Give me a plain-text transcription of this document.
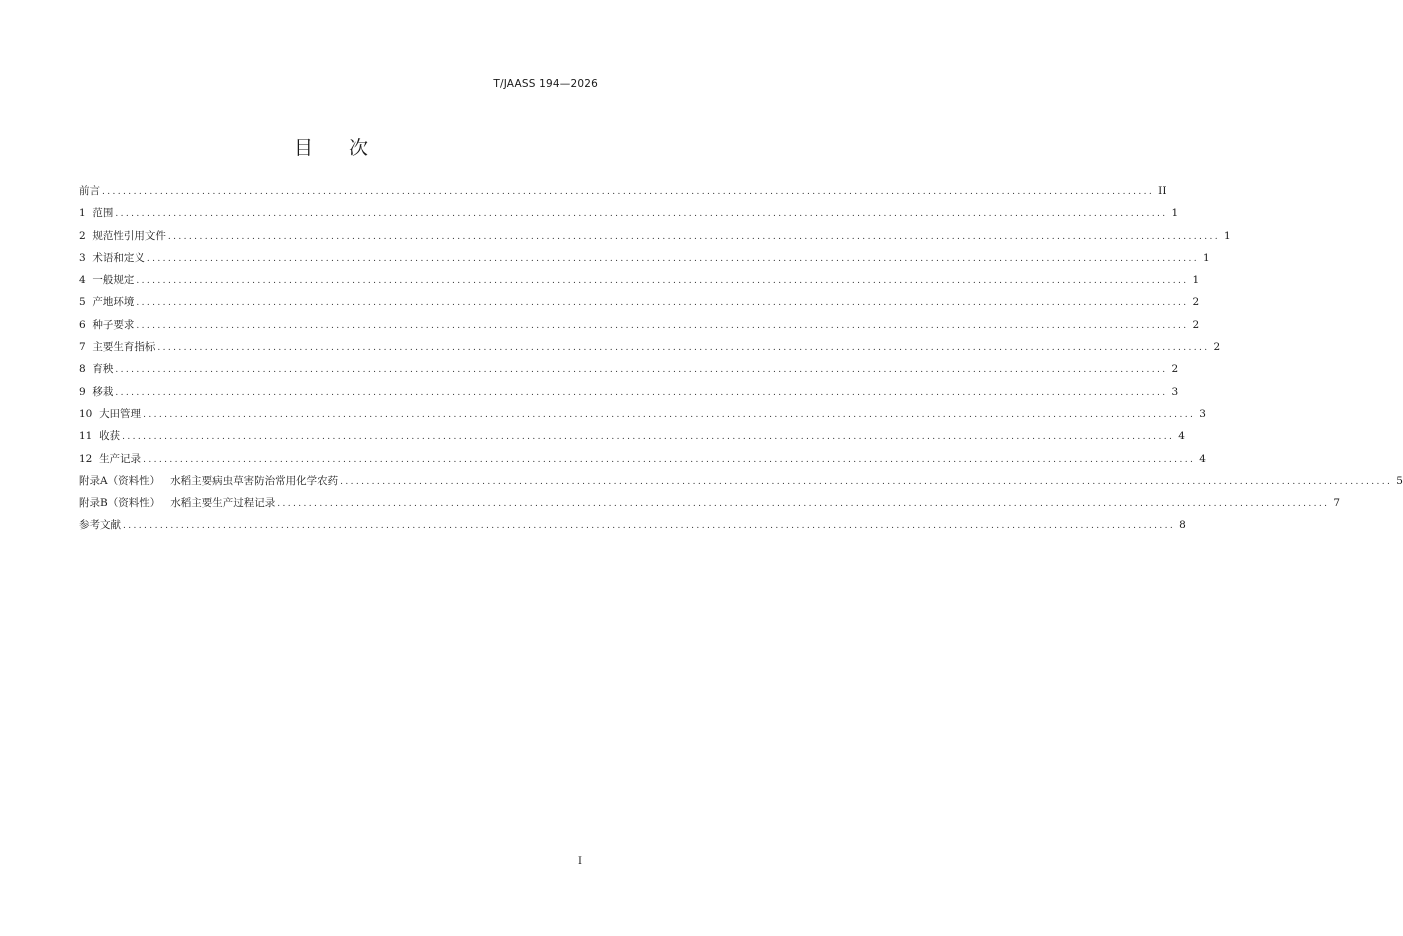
T/JAASS 194—2026
目 次
前言 ........................................................................................................................................................................................................ II
1 范围 ........................................................................................................................................................................................................ 1
2 规范性引用文件 ........................................................................................................................................................................................................ 1
3 术语和定义 ........................................................................................................................................................................................................ 1
4 一般规定 ........................................................................................................................................................................................................ 1
5 产地环境 ........................................................................................................................................................................................................ 2
6 种子要求 ........................................................................................................................................................................................................ 2
7 主要生育指标 ........................................................................................................................................................................................................ 2
8 育秧 ........................................................................................................................................................................................................ 2
9 移栽 ........................................................................................................................................................................................................ 3
10 大田管理 ........................................................................................................................................................................................................ 3
11 收获 ........................................................................................................................................................................................................ 4
12 生产记录 ........................................................................................................................................................................................................ 4
附录A（资料性） 水稻主要病虫草害防治常用化学农药 ........................................................................................................................................................................................................ 5
附录B（资料性） 水稻主要生产过程记录 ........................................................................................................................................................................................................ 7
参考文献 ........................................................................................................................................................................................................ 8
I
